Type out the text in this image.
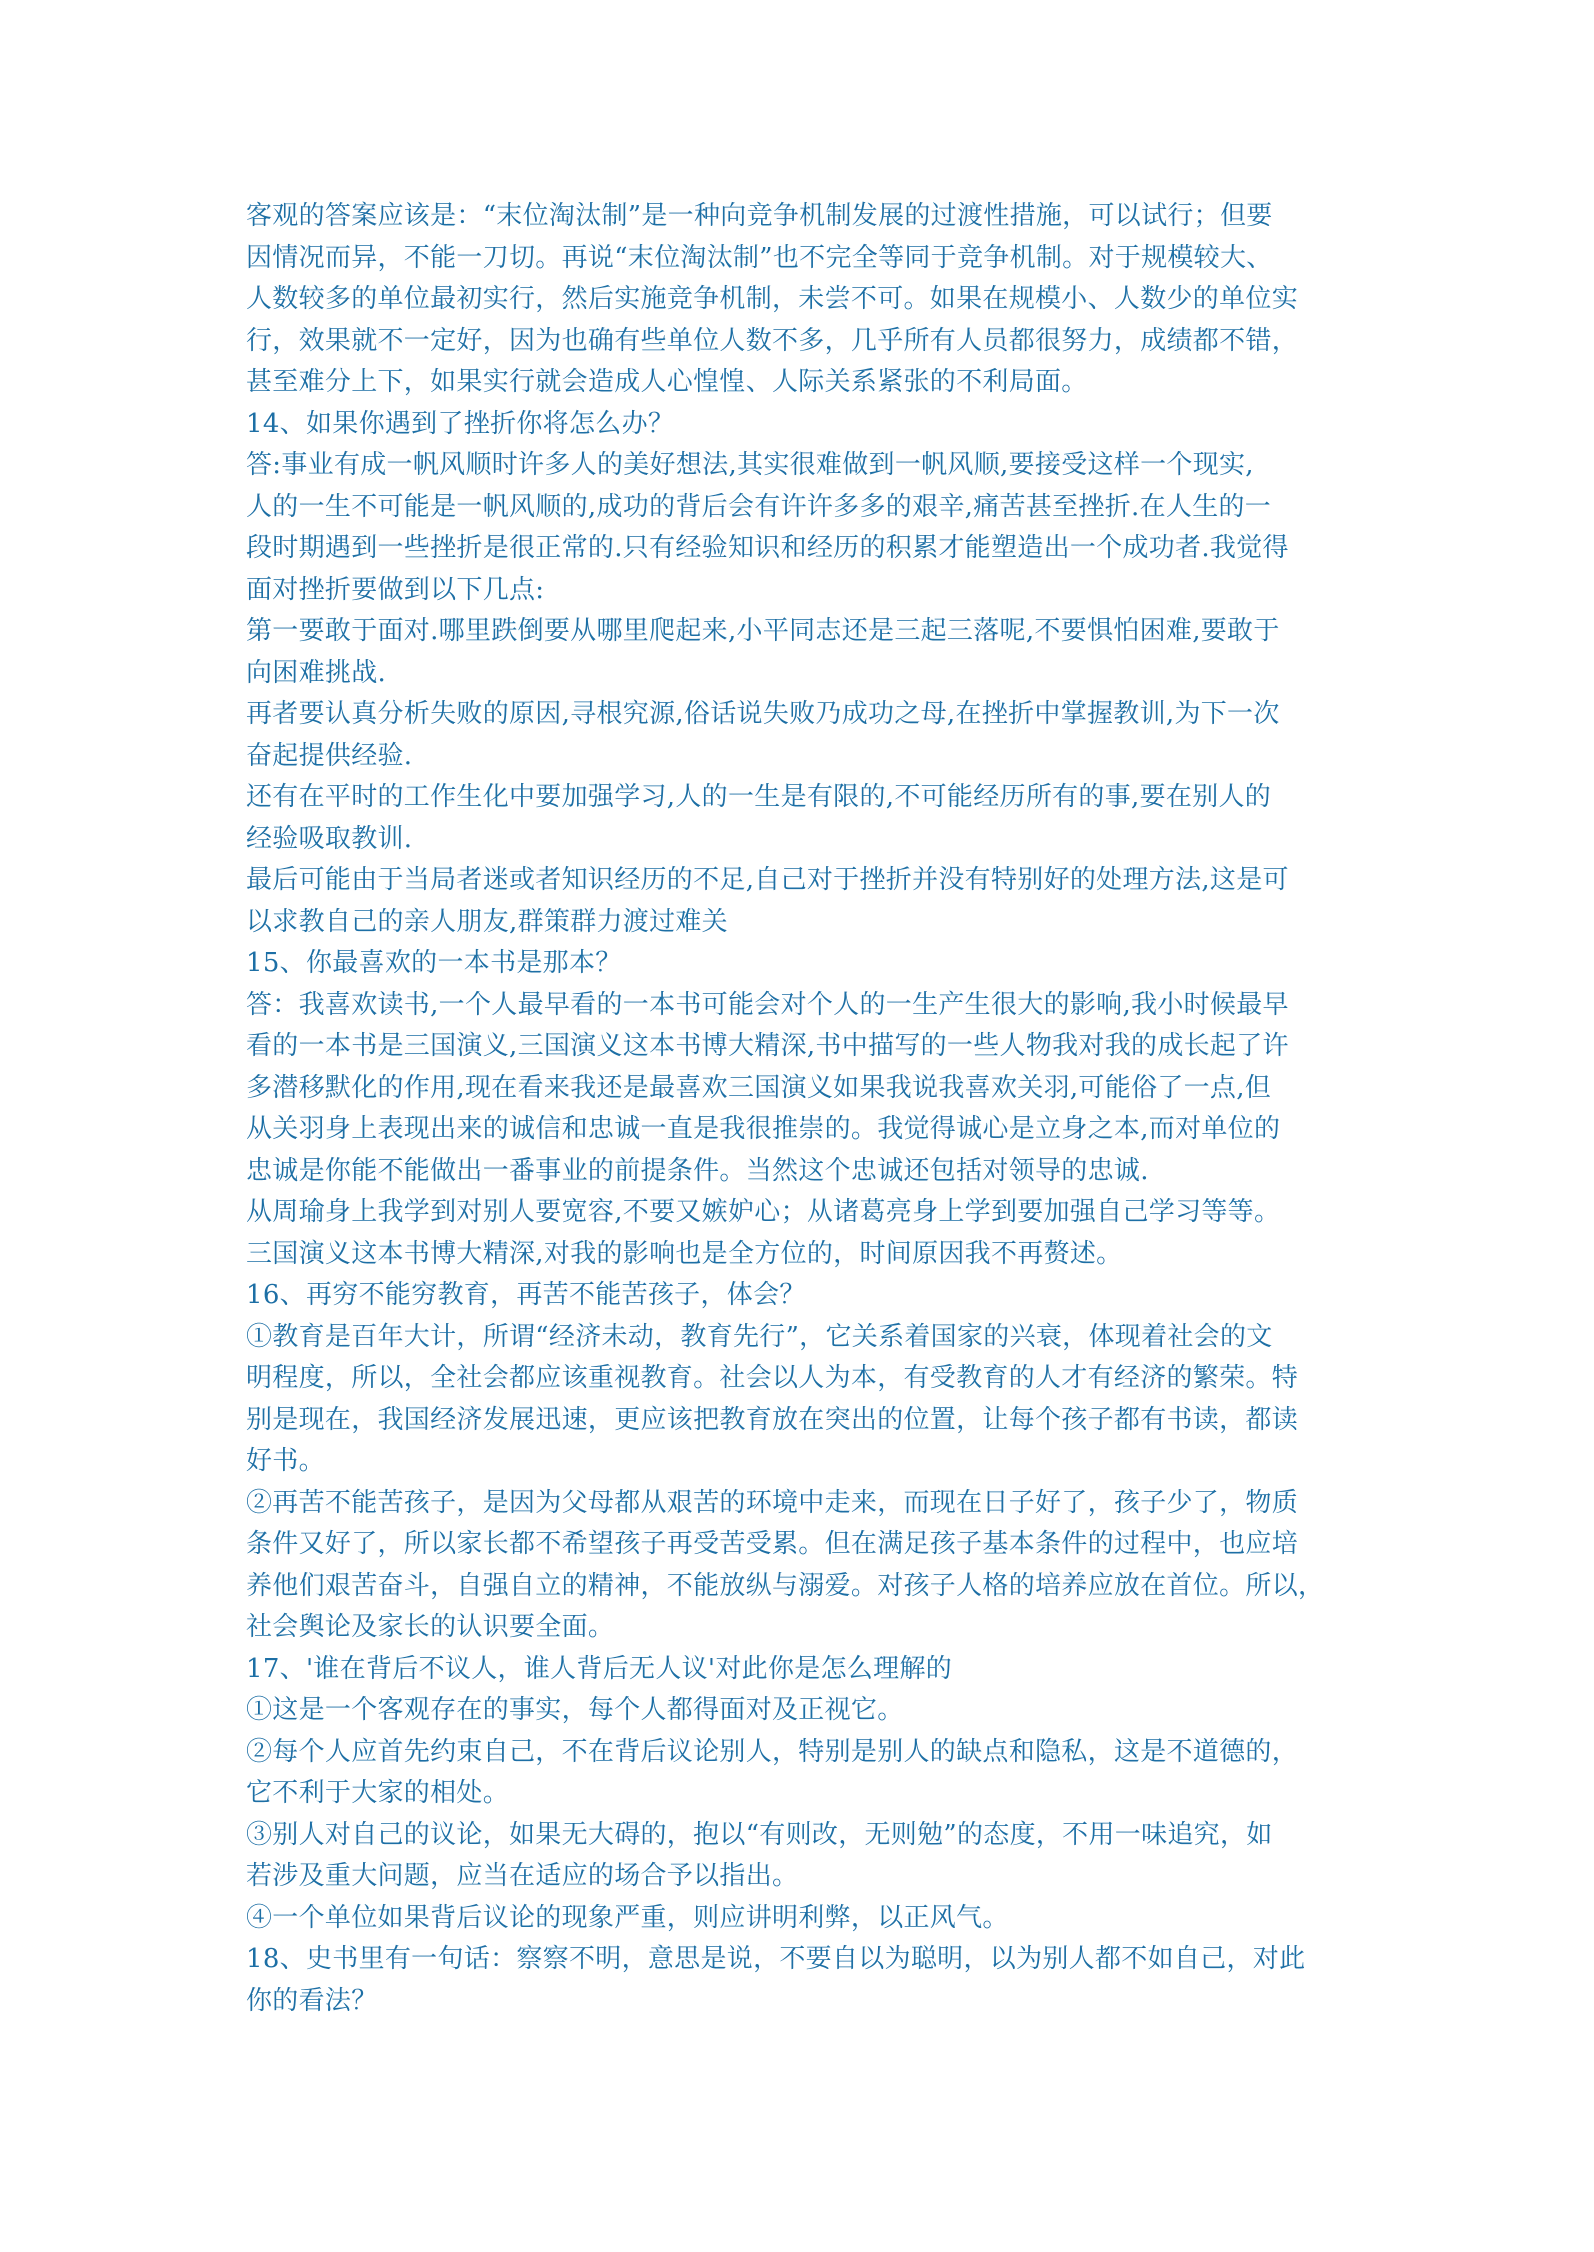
客观的答案应该是：“末位淘汰制”是一种向竞争机制发展的过渡性措施，可以试行；但要
因情况而异，不能一刀切。再说“末位淘汰制”也不完全等同于竞争机制。对于规模较大、
人数较多的单位最初实行，然后实施竞争机制，未尝不可。如果在规模小、人数少的单位实
行，效果就不一定好，因为也确有些单位人数不多，几乎所有人员都很努力，成绩都不错，
甚至难分上下，如果实行就会造成人心惶惶、人际关系紧张的不利局面。
14、如果你遇到了挫折你将怎么办？
答:事业有成一帆风顺时许多人的美好想法,其实很难做到一帆风顺,要接受这样一个现实,
人的一生不可能是一帆风顺的,成功的背后会有许许多多的艰辛,痛苦甚至挫折.在人生的一
段时期遇到一些挫折是很正常的.只有经验知识和经历的积累才能塑造出一个成功者.我觉得
面对挫折要做到以下几点:
第一要敢于面对.哪里跌倒要从哪里爬起来,小平同志还是三起三落呢,不要惧怕困难,要敢于
向困难挑战.
再者要认真分析失败的原因,寻根究源,俗话说失败乃成功之母,在挫折中掌握教训,为下一次
奋起提供经验.
还有在平时的工作生化中要加强学习,人的一生是有限的,不可能经历所有的事,要在别人的
经验吸取教训.
最后可能由于当局者迷或者知识经历的不足,自己对于挫折并没有特别好的处理方法,这是可
以求教自己的亲人朋友,群策群力渡过难关
15、你最喜欢的一本书是那本？
答：我喜欢读书,一个人最早看的一本书可能会对个人的一生产生很大的影响,我小时候最早
看的一本书是三国演义,三国演义这本书博大精深,书中描写的一些人物我对我的成长起了许
多潜移默化的作用,现在看来我还是最喜欢三国演义如果我说我喜欢关羽,可能俗了一点,但
从关羽身上表现出来的诚信和忠诚一直是我很推崇的。我觉得诚心是立身之本,而对单位的
忠诚是你能不能做出一番事业的前提条件。当然这个忠诚还包括对领导的忠诚.
从周瑜身上我学到对别人要宽容,不要又嫉妒心；从诸葛亮身上学到要加强自己学习等等。
三国演义这本书博大精深,对我的影响也是全方位的，时间原因我不再赘述。
16、再穷不能穷教育，再苦不能苦孩子，体会？
①教育是百年大计，所谓“经济未动，教育先行”，它关系着国家的兴衰，体现着社会的文
明程度，所以，全社会都应该重视教育。社会以人为本，有受教育的人才有经济的繁荣。特
别是现在，我国经济发展迅速，更应该把教育放在突出的位置，让每个孩子都有书读，都读
好书。
②再苦不能苦孩子，是因为父母都从艰苦的环境中走来，而现在日子好了，孩子少了，物质
条件又好了，所以家长都不希望孩子再受苦受累。但在满足孩子基本条件的过程中，也应培
养他们艰苦奋斗，自强自立的精神，不能放纵与溺爱。对孩子人格的培养应放在首位。所以，
社会舆论及家长的认识要全面。
17、'谁在背后不议人，谁人背后无人议'对此你是怎么理解的
①这是一个客观存在的事实，每个人都得面对及正视它。
②每个人应首先约束自己，不在背后议论别人，特别是别人的缺点和隐私，这是不道德的，
它不利于大家的相处。
③别人对自己的议论，如果无大碍的，抱以“有则改，无则勉”的态度，不用一味追究，如
若涉及重大问题，应当在适应的场合予以指出。
④一个单位如果背后议论的现象严重，则应讲明利弊，以正风气。
18、史书里有一句话：察察不明，意思是说，不要自以为聪明，以为别人都不如自己，对此
你的看法？
